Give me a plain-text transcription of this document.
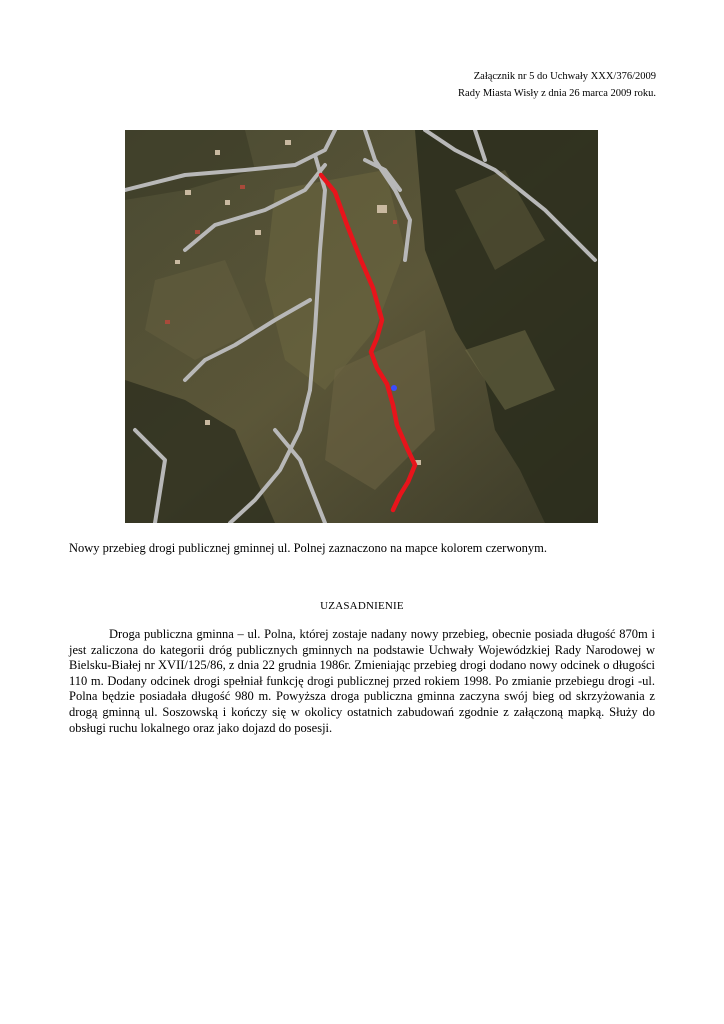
Załącznik nr 5 do Uchwały XXX/376/2009
Rady Miasta Wisły z dnia 26 marca 2009 roku.
Nowy przebieg drogi publicznej gminnej ul. Polnej zaznaczono na mapce kolorem czerwonym.
UZASADNIENIE

Droga publiczna gminna – ul. Polna, której zostaje nadany nowy przebieg, obecnie posiada długość 870m i jest zaliczona do kategorii dróg publicznych gminnych na podstawie Uchwały Wojewódzkiej Rady Narodowej w Bielsku-Białej nr XVII/125/86, z dnia 22 grudnia 1986r. Zmieniając przebieg drogi dodano nowy odcinek o długości 110 m. Dodany odcinek drogi spełniał funkcję drogi publicznej przed rokiem 1998. Po zmianie przebiegu drogi -ul. Polna będzie posiadała długość 980 m. Powyższa droga publiczna gminna zaczyna swój bieg od skrzyżowania z drogą gminną ul. Soszowską i kończy się w okolicy ostatnich zabudowań zgodnie z załączoną mapką. Służy do obsługi ruchu lokalnego oraz jako dojazd do posesji.
